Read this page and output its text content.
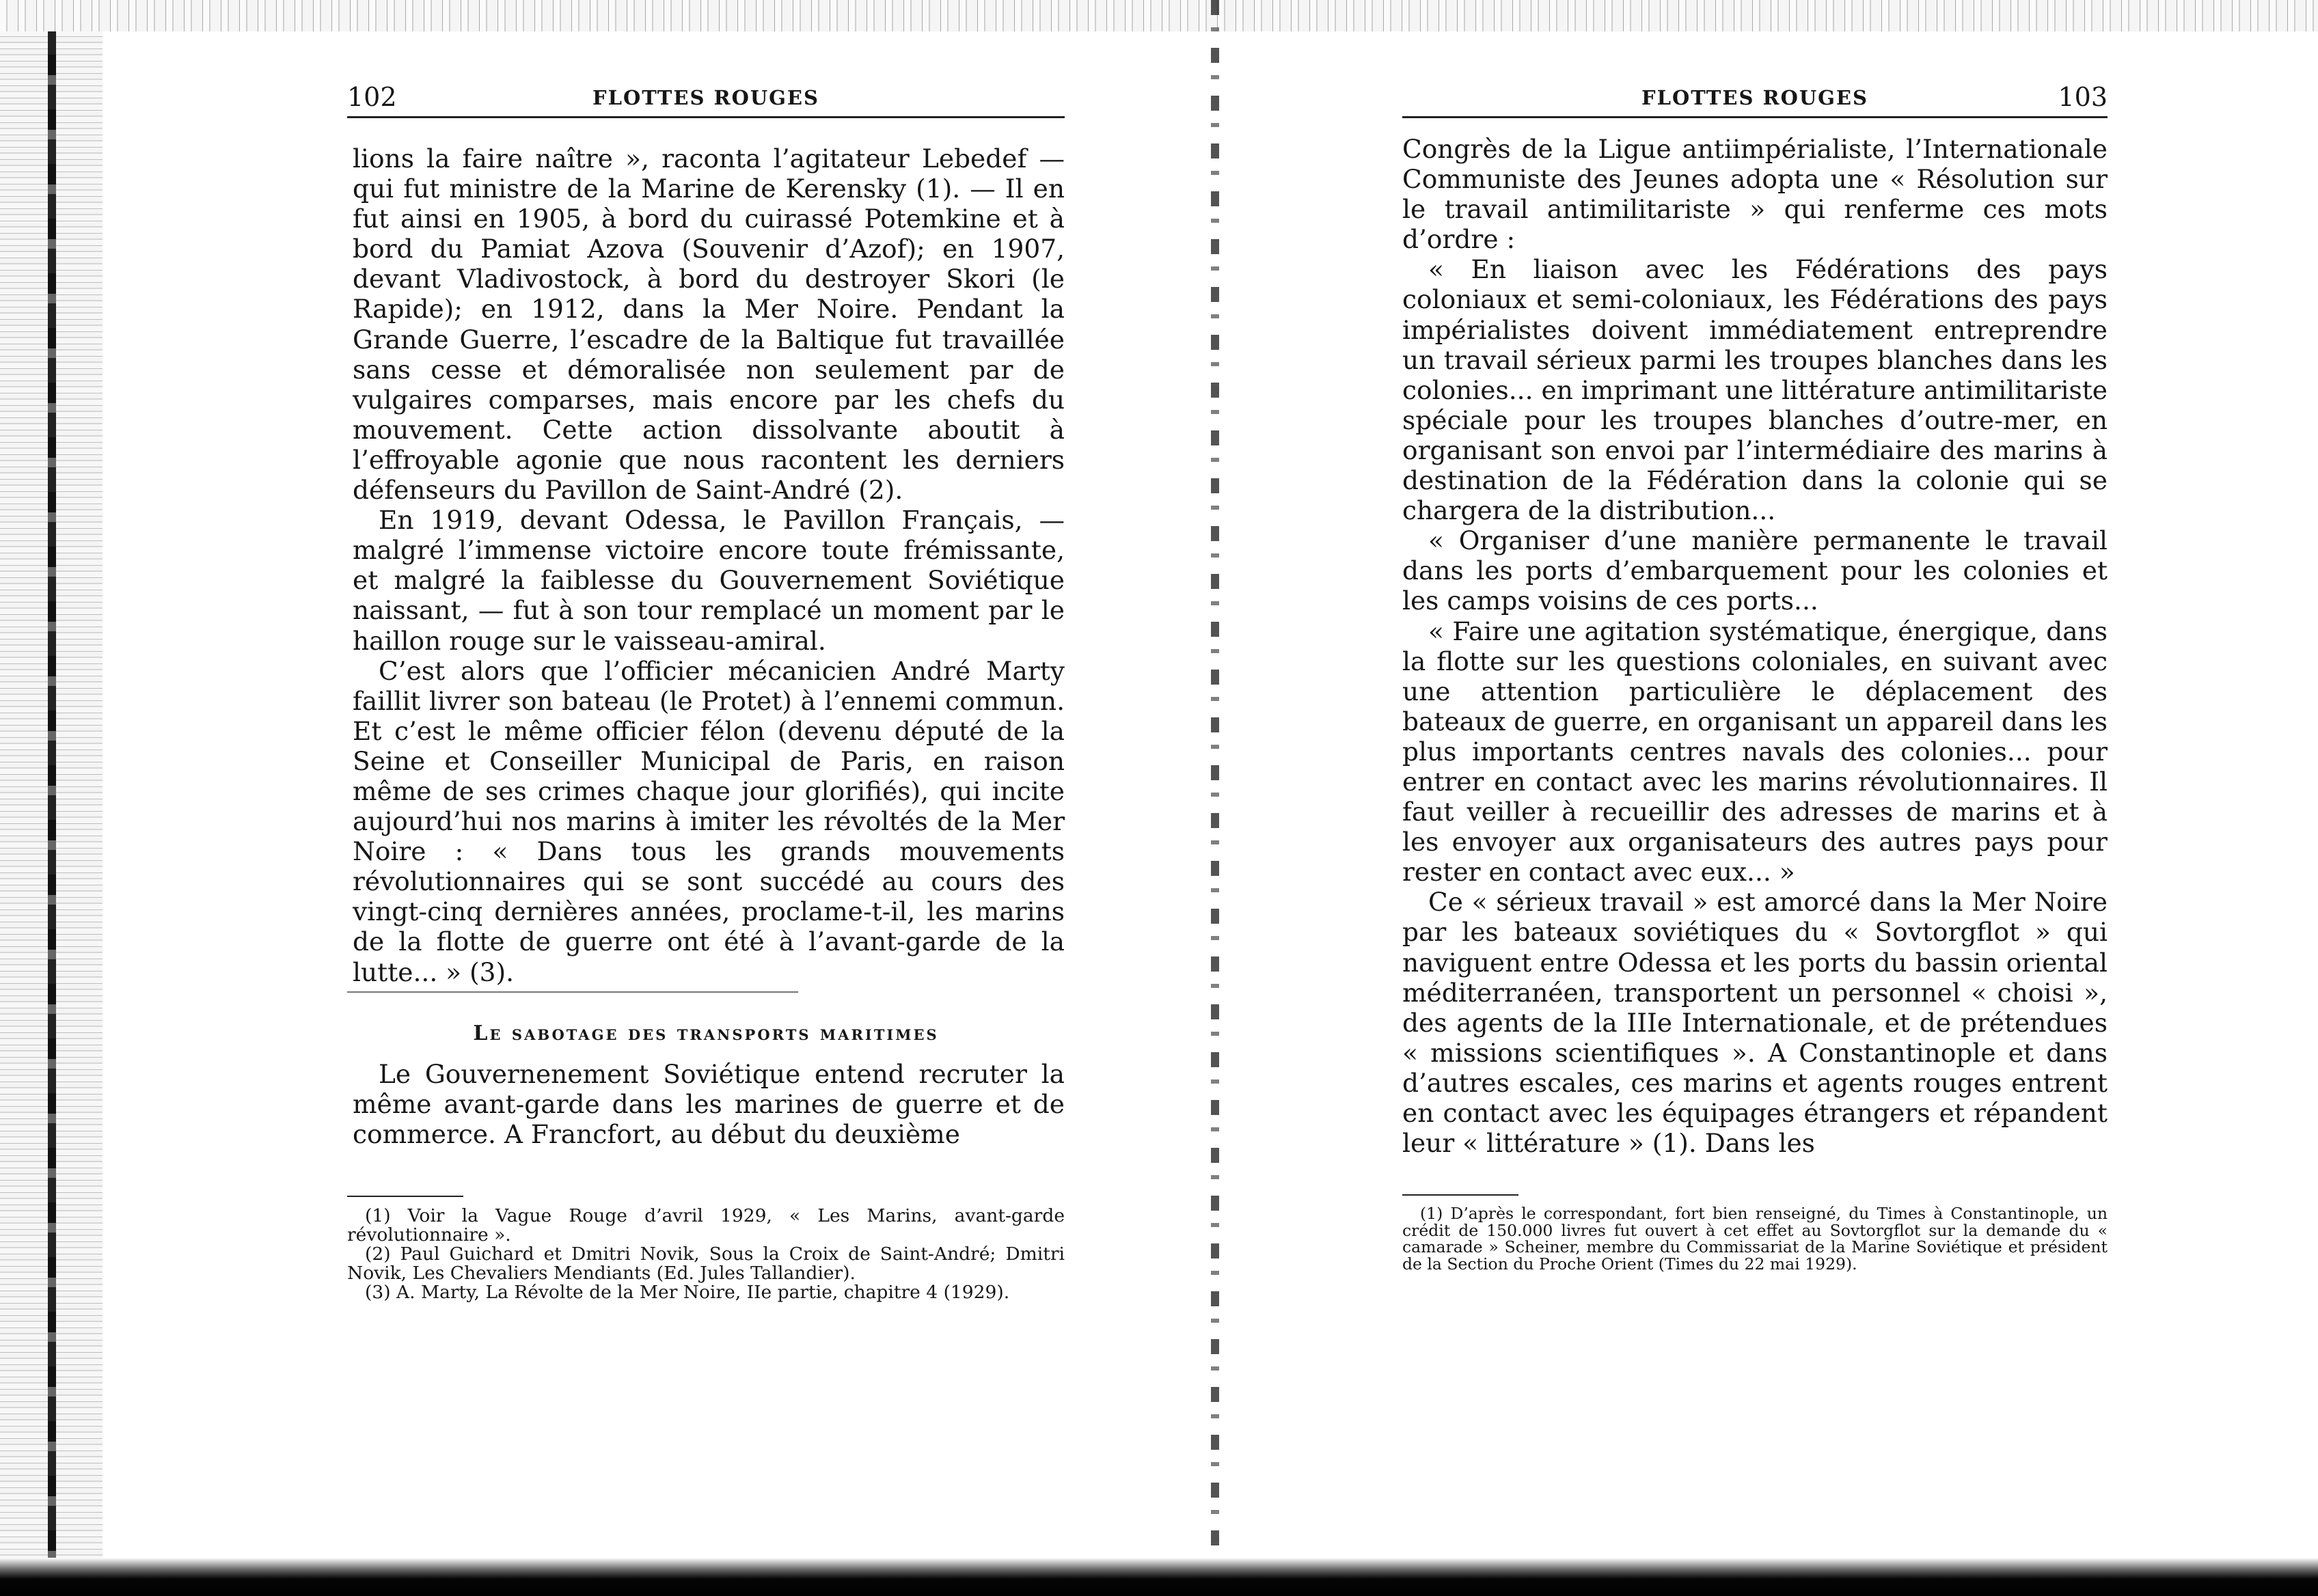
102	FLOTTES ROUGES

lions la faire naître », raconta l’agitateur Lebedef — qui fut ministre de la Marine de Kerensky (1). — Il en fut ainsi en 1905, à bord du cuirassé Potemkine et à bord du Pamiat Azova (Souvenir d’Azof); en 1907, devant Vladivostock, à bord du destroyer Skori (le Rapide); en 1912, dans la Mer Noire. Pendant la Grande Guerre, l’escadre de la Baltique fut travaillée sans cesse et démoralisée non seulement par de vulgaires comparses, mais encore par les chefs du mouvement. Cette action dissolvante aboutit à l’effroyable agonie que nous racontent les derniers défenseurs du Pavillon de Saint-André (2).

En 1919, devant Odessa, le Pavillon Français, — malgré l’immense victoire encore toute frémissante, et malgré la faiblesse du Gouvernement Soviétique naissant, — fut à son tour remplacé un moment par le haillon rouge sur le vaisseau-amiral.

C’est alors que l’officier mécanicien André Marty faillit livrer son bateau (le Protet) à l’ennemi commun. Et c’est le même officier félon (devenu député de la Seine et Conseiller Municipal de Paris, en raison même de ses crimes chaque jour glorifiés), qui incite aujourd’hui nos marins à imiter les révoltés de la Mer Noire : « Dans tous les grands mouvements révolutionnaires qui se sont succédé au cours des vingt-cinq dernières années, proclame-t-il, les marins de la flotte de guerre ont été à l’avant-garde de la lutte... » (3).

Le sabotage des transports maritimes

Le Gouvernenement Soviétique entend recruter la même avant-garde dans les marines de guerre et de commerce. A Francfort, au début du deuxième

(1) Voir la Vague Rouge d’avril 1929, « Les Marins, avant-garde révolutionnaire ».

(2) Paul Guichard et Dmitri Novik, Sous la Croix de Saint-André; Dmitri Novik, Les Chevaliers Mendiants (Ed. Jules Tallandier).

(3) A. Marty, La Révolte de la Mer Noire, IIe partie, chapitre 4 (1929).

FLOTTES ROUGES	103

Congrès de la Ligue antiimpérialiste, l’Internationale Communiste des Jeunes adopta une « Résolution sur le travail antimilitariste » qui renferme ces mots d’ordre :

« En liaison avec les Fédérations des pays coloniaux et semi-coloniaux, les Fédérations des pays impérialistes doivent immédiatement entreprendre un travail sérieux parmi les troupes blanches dans les colonies... en imprimant une littérature antimilitariste spéciale pour les troupes blanches d’outre-mer, en organisant son envoi par l’intermédiaire des marins à destination de la Fédération dans la colonie qui se chargera de la distribution...

« Organiser d’une manière permanente le travail dans les ports d’embarquement pour les colonies et les camps voisins de ces ports...

« Faire une agitation systématique, énergique, dans la flotte sur les questions coloniales, en suivant avec une attention particulière le déplacement des bateaux de guerre, en organisant un appareil dans les plus importants centres navals des colonies... pour entrer en contact avec les marins révolutionnaires. Il faut veiller à recueillir des adresses de marins et à les envoyer aux organisateurs des autres pays pour rester en contact avec eux... »

Ce « sérieux travail » est amorcé dans la Mer Noire par les bateaux soviétiques du « Sovtorgflot » qui naviguent entre Odessa et les ports du bassin oriental méditerranéen, transportent un personnel « choisi », des agents de la IIIe Internationale, et de prétendues « missions scientifiques ». A Constantinople et dans d’autres escales, ces marins et agents rouges entrent en contact avec les équipages étrangers et répandent leur « littérature » (1). Dans les

(1) D’après le correspondant, fort bien renseigné, du Times à Constantinople, un crédit de 150.000 livres fut ouvert à cet effet au Sovtorgflot sur la demande du « camarade » Scheiner, membre du Commissariat de la Marine Soviétique et président de la Section du Proche Orient (Times du 22 mai 1929).
